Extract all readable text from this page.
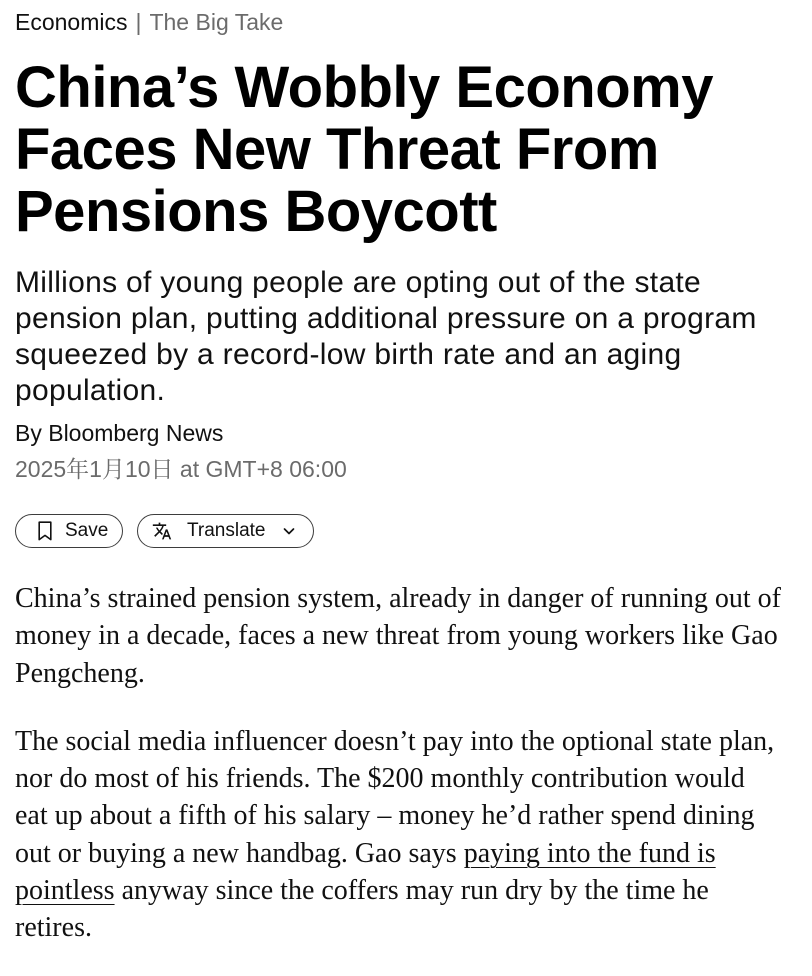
Economics | The Big Take
China’s Wobbly Economy Faces New Threat From Pensions Boycott

Millions of young people are opting out of the state pension plan, putting additional pressure on a program squeezed by a record-low birth rate and an aging population.

By Bloomberg News
2025年1月10日 at GMT+8 06:00
Save	Translate

China’s strained pension system, already in danger of running out of
money in a decade, faces a new threat from young workers like Gao
Pengcheng.

The social media influencer doesn’t pay into the optional state plan,
nor do most of his friends. The $200 monthly contribution would
eat up about a fifth of his salary – money he’d rather spend dining
out or buying a new handbag. Gao says paying into the fund is
pointless anyway since the coffers may run dry by the time he
retires.
